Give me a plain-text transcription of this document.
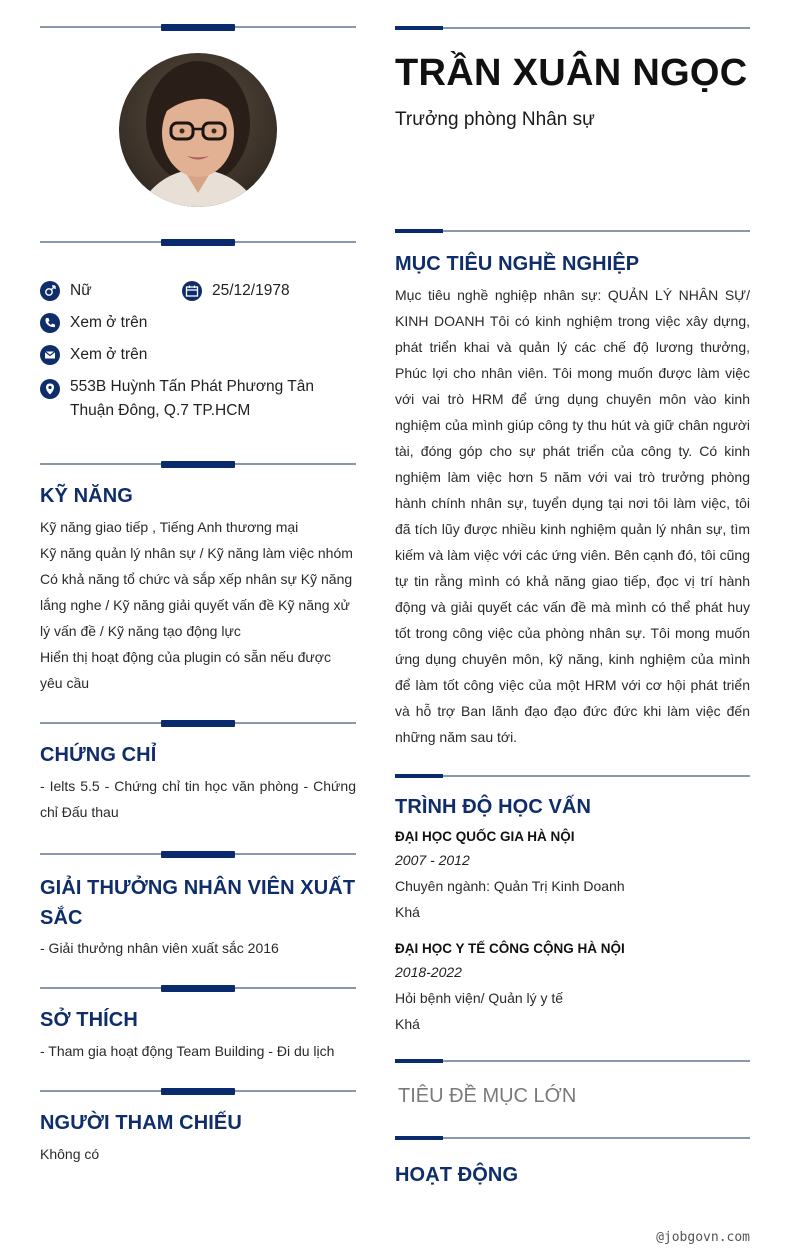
Nữ	25/12/1978
Xem ở trên
Xem ở trên
553B Huỳnh Tấn Phát Phương Tân Thuận Đông, Q.7 TP.HCM
KỸ NĂNG
Kỹ năng giao tiếp , Tiếng Anh thương mại
Kỹ năng quản lý nhân sự / Kỹ năng làm việc nhóm
Có khả năng tổ chức và sắp xếp nhân sự Kỹ năng lắng nghe / Kỹ năng giải quyết vấn đề Kỹ năng xử lý vấn đề / Kỹ năng tạo động lực
Hiển thị hoạt động của plugin có sẵn nếu được yêu cầu
CHỨNG CHỈ
- Ielts 5.5 - Chứng chỉ tin học văn phòng - Chứng chỉ Đấu thau
GIẢI THƯỞNG NHÂN VIÊN XUẤT SẮC
- Giải thưởng nhân viên xuất sắc 2016
SỞ THÍCH
- Tham gia hoạt động Team Building - Đi du lịch
NGƯỜI THAM CHIẾU
Không có
TRẦN XUÂN NGỌC
Trưởng phòng Nhân sự
MỤC TIÊU NGHỀ NGHIỆP
Mục tiêu nghề nghiệp nhân sự: QUẢN LÝ NHÂN SỰ/ KINH DOANH Tôi có kinh nghiệm trong việc xây dựng, phát triển khai và quản lý các chế độ lương thưởng, Phúc lợi cho nhân viên. Tôi mong muốn được làm việc với vai trò HRM để ứng dụng chuyên môn vào kinh nghiệm của mình giúp công ty thu hút và giữ chân người tài, đóng góp cho sự phát triển của công ty. Có kinh nghiệm làm việc hơn 5 năm với vai trò trưởng phòng hành chính nhân sự, tuyển dụng tại nơi tôi làm việc, tôi đã tích lũy được nhiều kinh nghiệm quản lý nhân sự, tìm kiếm và làm việc với các ứng viên. Bên cạnh đó, tôi cũng tự tin rằng mình có khả năng giao tiếp, đọc vị trí hành động và giải quyết các vấn đề mà mình có thể phát huy tốt trong công việc của phòng nhân sự. Tôi mong muốn ứng dụng chuyên môn, kỹ năng, kinh nghiệm của mình để làm tốt công việc của một HRM với cơ hội phát triển và hỗ trợ Ban lãnh đạo đạo đức đức khi làm việc đến những năm sau tới.
TRÌNH ĐỘ HỌC VẤN
ĐẠI HỌC QUỐC GIA HÀ NỘI
2007 - 2012
Chuyên ngành: Quản Trị Kinh Doanh
Khá
ĐẠI HỌC Y TẾ CÔNG CỘNG HÀ NỘI
2018-2022
Hỏi bệnh viện/ Quản lý y tế
Khá
TIÊU ĐỀ MỤC LỚN
HOẠT ĐỘNG
@jobgovn.com
